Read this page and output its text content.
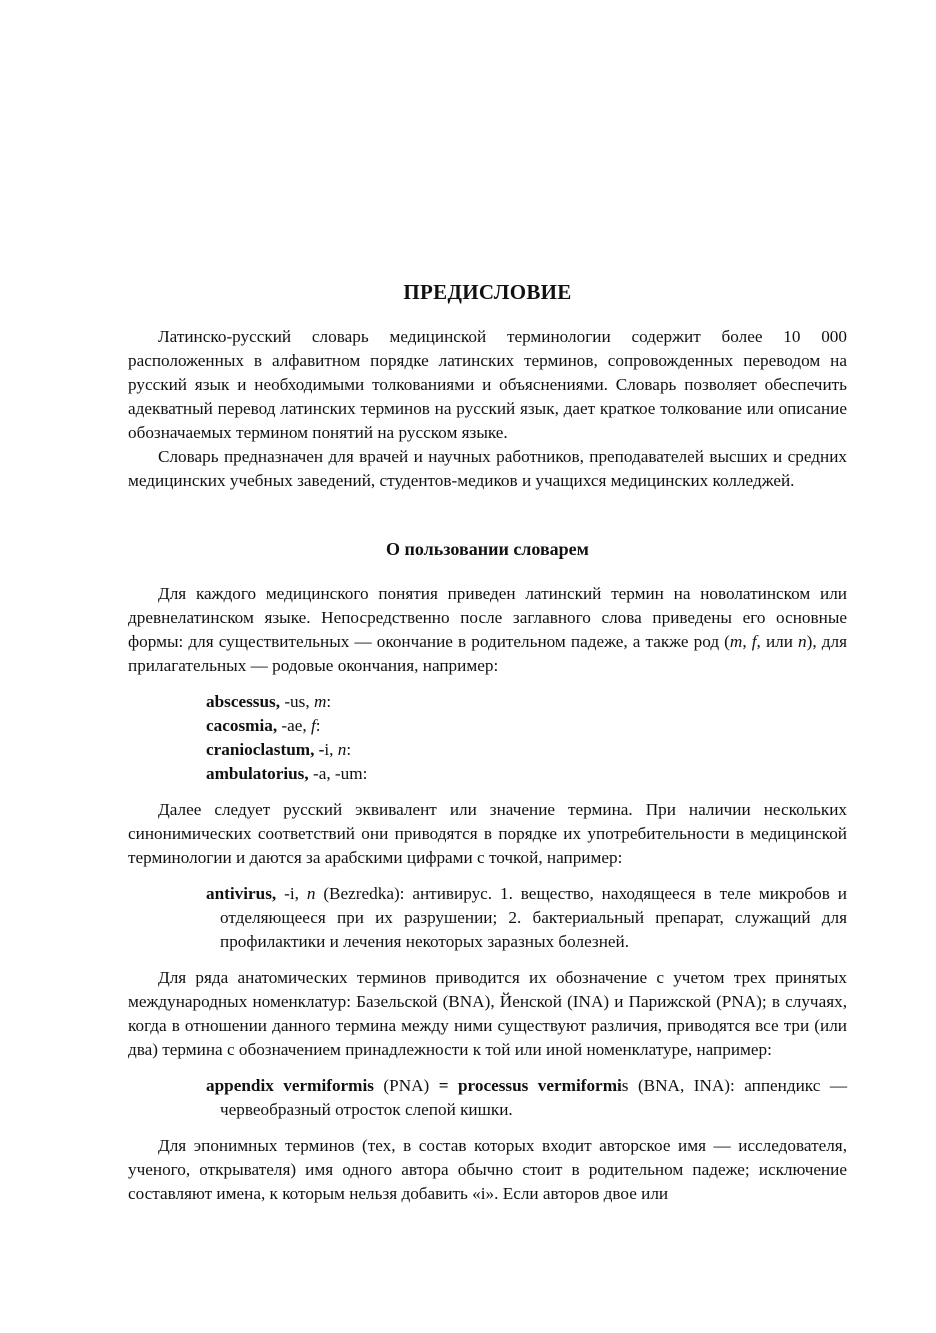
ПРЕДИСЛОВИЕ

Латинско-русский словарь медицинской терминологии содержит более 10 000 расположенных в алфавитном порядке латинских терминов, сопровожденных переводом на русский язык и необходимыми толкованиями и объяснениями. Словарь позволяет обеспечить адекватный перевод латинских терминов на русский язык, дает краткое толкование или описание обозначаемых термином понятий на русском языке.

Словарь предназначен для врачей и научных работников, преподавателей высших и средних медицинских учебных заведений, студентов-медиков и учащихся медицинских колледжей.

О пользовании словарем

Для каждого медицинского понятия приведен латинский термин на новолатинском или древнелатинском языке. Непосредственно после заглавного слова приведены его основные формы: для существительных — окончание в родительном падеже, а также род (m, f, или n), для прилагательных — родовые окончания, например:

abscessus, -us, m:
cacosmia, -ae, f:
cranioclastum, -i, n:
ambulatorius, -a, -um:

Далее следует русский эквивалент или значение термина. При наличии нескольких синонимических соответствий они приводятся в порядке их употребительности в медицинской терминологии и даются за арабскими цифрами с точкой, например:

antivirus, -i, n (Bezredka): антивирус. 1. вещество, находящееся в теле микробов и отделяющееся при их разрушении; 2. бактериальный препарат, служащий для профилактики и лечения некоторых заразных болезней.

Для ряда анатомических терминов приводится их обозначение с учетом трех принятых международных номенклатур: Базельской (BNA), Йенской (INA) и Парижской (PNA); в случаях, когда в отношении данного термина между ними существуют различия, приводятся все три (или два) термина с обозначением принадлежности к той или иной номенклатуре, например:

appendix vermiformis (PNA) = processus vermiformis (BNA, INA): аппендикс — червеобразный отросток слепой кишки.

Для эпонимных терминов (тех, в состав которых входит авторское имя — исследователя, ученого, открывателя) имя одного автора обычно стоит в родительном падеже; исключение составляют имена, к которым нельзя добавить «i». Если авторов двое или
